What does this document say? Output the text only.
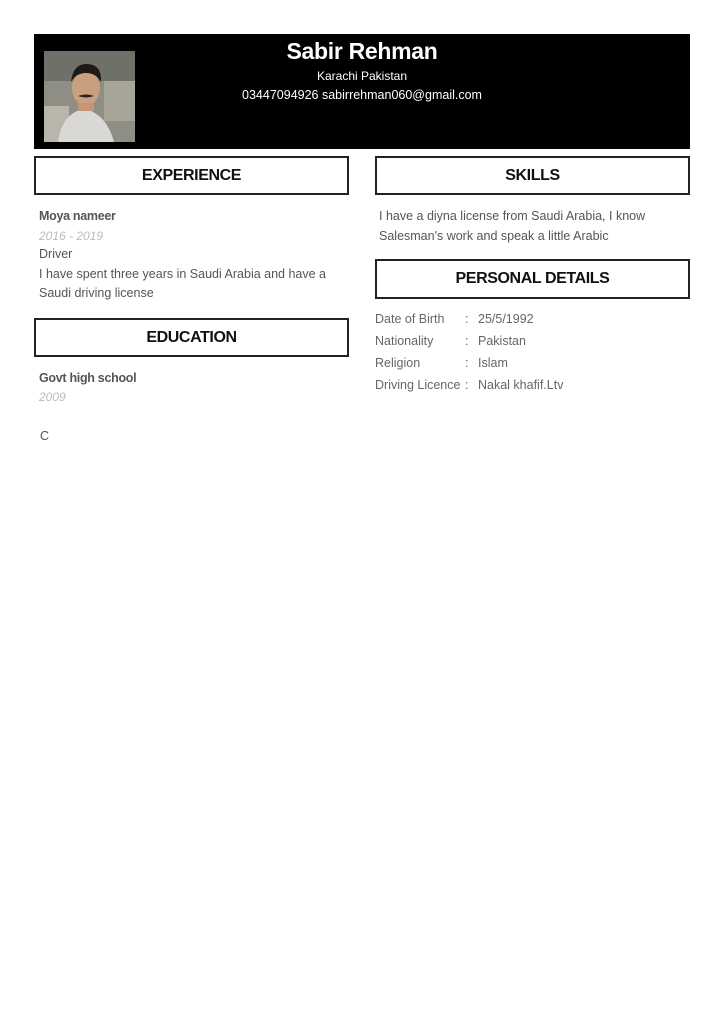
Sabir Rehman
Karachi Pakistan
03447094926 sabirrehman060@gmail.com
EXPERIENCE
Moya nameer
2016 - 2019
Driver
I have spent three years in Saudi Arabia and have a
Saudi driving license
EDUCATION
Govt high school
2009
C
SKILLS
I have a diyna license from Saudi Arabia, I know
Salesman's work and speak a little Arabic
PERSONAL DETAILS
Date of Birth : 25/5/1992
Nationality	: Pakistan
Religion	: Islam
Driving Licence : Nakal khafif.Ltv
